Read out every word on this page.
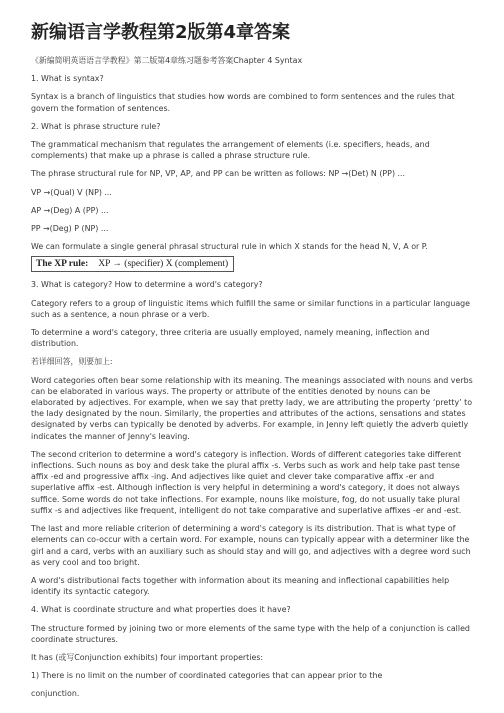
新编语言学教程第2版第4章答案

《新编简明英语语言学教程》第二版第4章练习题参考答案Chapter 4 Syntax

1. What is syntax?

Syntax is a branch of linguistics that studies how words are combined to form sentences and the rules that govern the formation of sentences.

2. What is phrase structure rule?

The grammatical mechanism that regulates the arrangement of elements (i.e. specifiers, heads, and complements) that make up a phrase is called a phrase structure rule.

The phrase structural rule for NP, VP, AP, and PP can be written as follows: NP →(Det) N (PP) ...

VP →(Qual) V (NP) ...

AP →(Deg) A (PP) ...

PP →(Deg) P (NP) ...

We can formulate a single general phrasal structural rule in which X stands for the head N, V, A or P.

The XP rule: XP → (specifier) X (complement)

3. What is category? How to determine a word's category?

Category refers to a group of linguistic items which fulfill the same or similar functions in a particular language such as a sentence, a noun phrase or a verb.

To determine a word's category, three criteria are usually employed, namely meaning, inflection and distribution.

若详细回答，则要加上:

Word categories often bear some relationship with its meaning. The meanings associated with nouns and verbs can be elaborated in various ways. The property or attribute of the entities denoted by nouns can be elaborated by adjectives. For example, when we say that pretty lady, we are attributing the property ‘pretty’ to the lady designated by the noun. Similarly, the properties and attributes of the actions, sensations and states designated by verbs can typically be denoted by adverbs. For example, in Jenny left quietly the adverb quietly indicates the manner of Jenny's leaving.

The second criterion to determine a word's category is inflection. Words of different categories take different inflections. Such nouns as boy and desk take the plural affix -s. Verbs such as work and help take past tense affix -ed and progressive affix -ing. And adjectives like quiet and clever take comparative affix -er and superlative affix -est. Although inflection is very helpful in determining a word's category, it does not always suffice. Some words do not take inflections. For example, nouns like moisture, fog, do not usually take plural suffix -s and adjectives like frequent, intelligent do not take comparative and superlative affixes -er and -est.

The last and more reliable criterion of determining a word's category is its distribution. That is what type of elements can co-occur with a certain word. For example, nouns can typically appear with a determiner like the girl and a card, verbs with an auxiliary such as should stay and will go, and adjectives with a degree word such as very cool and too bright.

A word's distributional facts together with information about its meaning and inflectional capabilities help identify its syntactic category.

4. What is coordinate structure and what properties does it have?

The structure formed by joining two or more elements of the same type with the help of a conjunction is called coordinate structures.

It has (或写Conjunction exhibits) four important properties:

1) There is no limit on the number of coordinated categories that can appear prior to the

conjunction.
